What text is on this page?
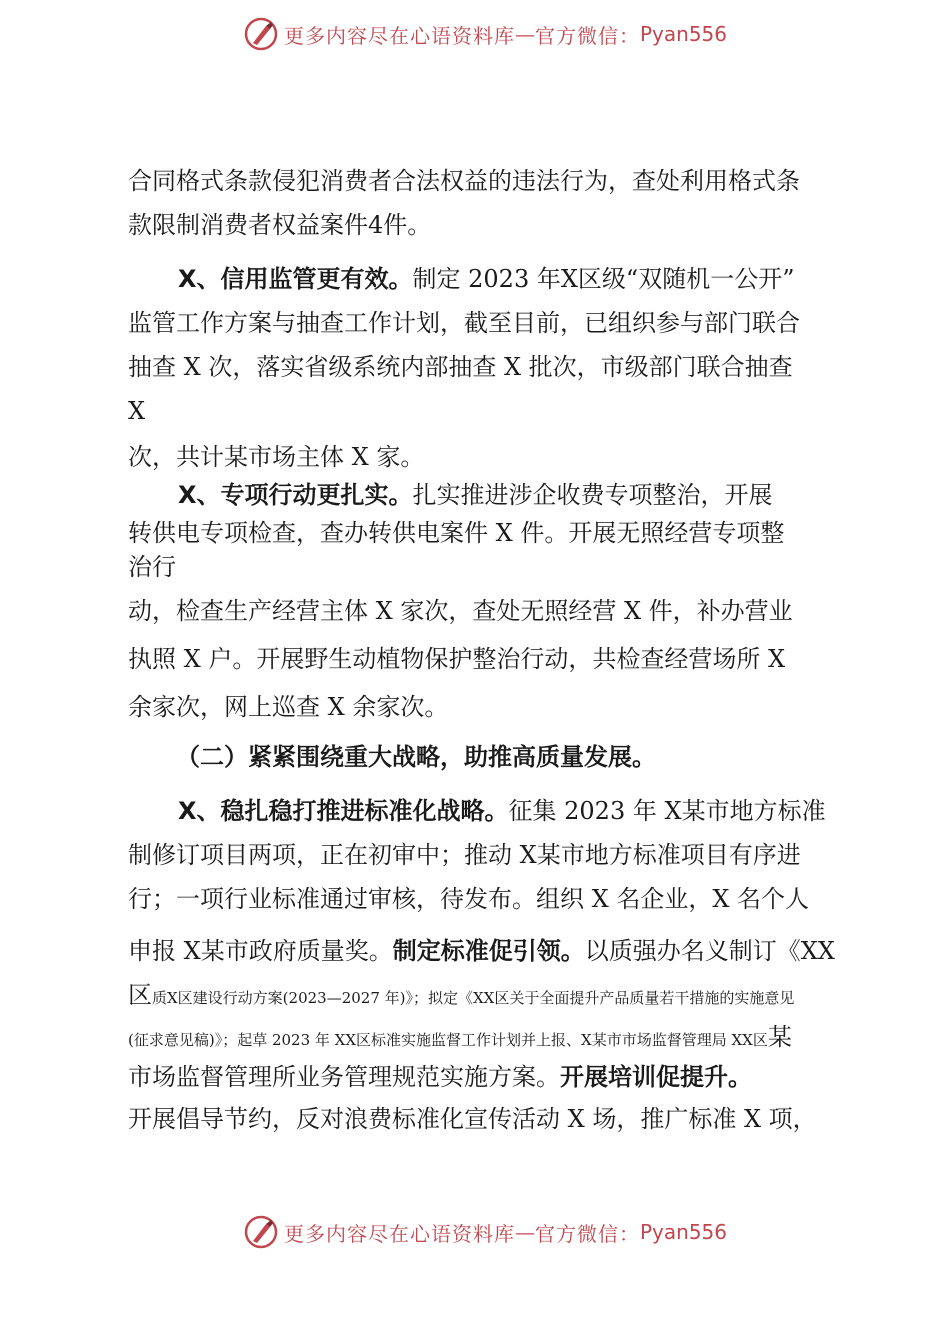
更多内容尽在心语资料库 — 官方微信： Pyan556
合同格式条款侵犯消费者合法权益的违法行为，查处利用格式条
款限制消费者权益案件4件。
X、信用监管更有效。制定 2023 年X区级“双随机一公开”
监管工作方案与抽查工作计划，截至目前，已组织参与部门联合
抽查 X 次，落实省级系统内部抽查 X 批次，市级部门联合抽查
X
次，共计某市场主体 X 家。
X、专项行动更扎实。扎实推进涉企收费专项整治，开展
转供电专项检查，查办转供电案件 X 件。开展无照经营专项整
治行
动，检查生产经营主体 X 家次，查处无照经营 X 件，补办营业
执照 X 户。开展野生动植物保护整治行动，共检查经营场所 X
余家次，网上巡查 X 余家次。
（二）紧紧围绕重大战略，助推高质量发展。
X、稳扎稳打推进标准化战略。征集 2023 年 X某市地方标准
制修订项目两项，正在初审中；推动 X某市地方标准项目有序进
行；一项行业标准通过审核，待发布。组织 X 名企业，X 名个人
申报 X某市政府质量奖。制定标准促引领。以质强办名义制订《XX
区质X区建设行动方案(2023—2027 年)》；拟定《XX区关于全面提升产品质量若干措施的实施意见
(征求意见稿)》；起草 2023 年 XX区标准实施监督工作计划并上报、X某市市场监督管理局 XX区某
市场监督管理所业务管理规范实施方案。开展培训促提升。
开展倡导节约，反对浪费标准化宣传活动 X 场，推广标准 X 项，
更多内容尽在心语资料库 — 官方微信： Pyan556
